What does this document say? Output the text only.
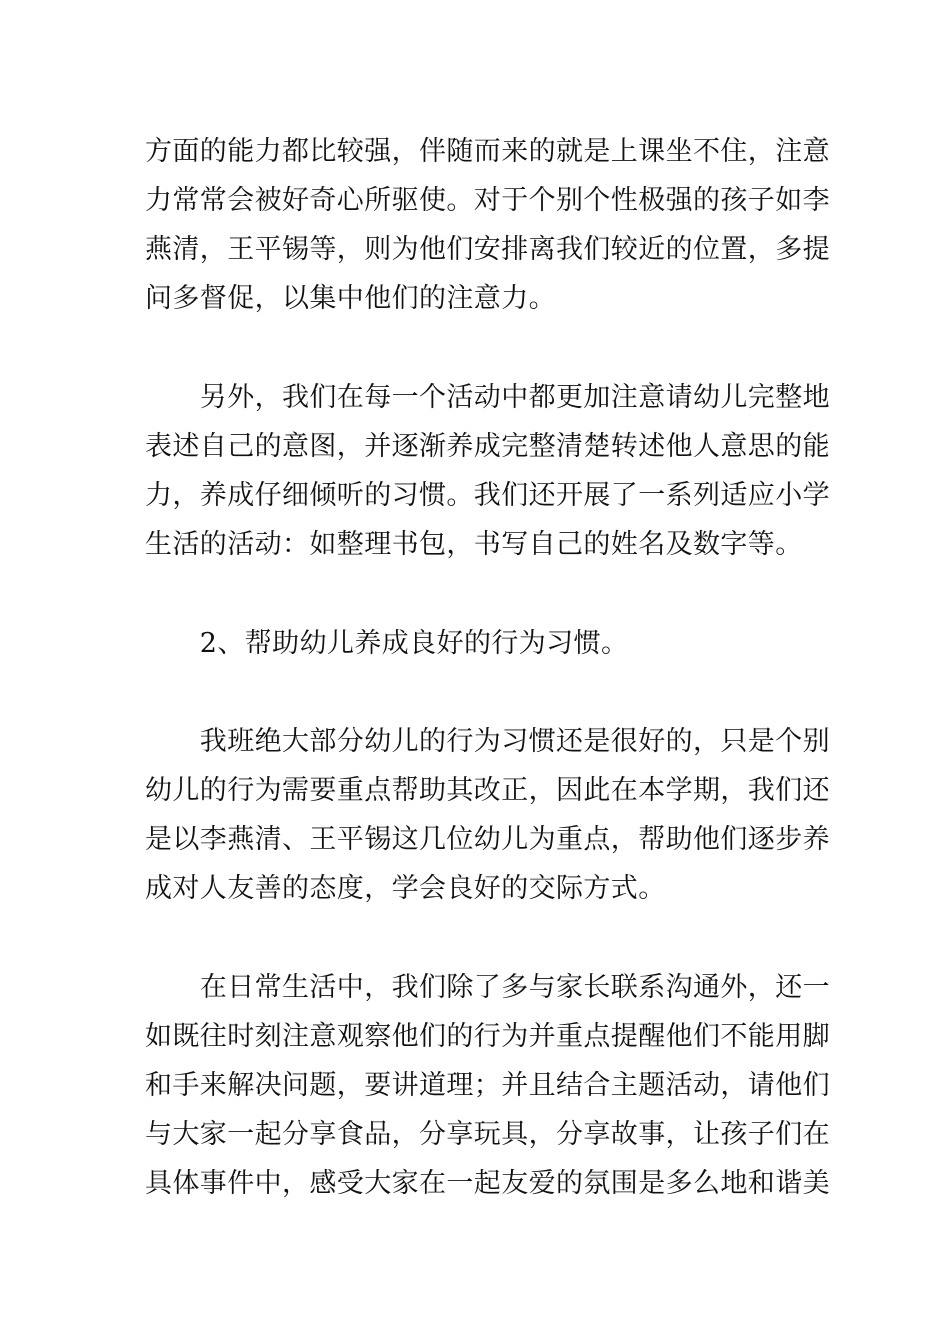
方面的能力都比较强，伴随而来的就是上课坐不住，注意
力常常会被好奇心所驱使。对于个别个性极强的孩子如李
燕清，王平锡等，则为他们安排离我们较近的位置，多提
问多督促，以集中他们的注意力。
　　另外，我们在每一个活动中都更加注意请幼儿完整地
表述自己的意图，并逐渐养成完整清楚转述他人意思的能
力，养成仔细倾听的习惯。我们还开展了一系列适应小学
生活的活动：如整理书包，书写自己的姓名及数字等。
　　2、帮助幼儿养成良好的行为习惯。
　　我班绝大部分幼儿的行为习惯还是很好的，只是个别
幼儿的行为需要重点帮助其改正，因此在本学期，我们还
是以李燕清、王平锡这几位幼儿为重点，帮助他们逐步养
成对人友善的态度，学会良好的交际方式。
　　在日常生活中，我们除了多与家长联系沟通外，还一
如既往时刻注意观察他们的行为并重点提醒他们不能用脚
和手来解决问题，要讲道理；并且结合主题活动，请他们
与大家一起分享食品，分享玩具，分享故事，让孩子们在
具体事件中，感受大家在一起友爱的氛围是多么地和谐美
